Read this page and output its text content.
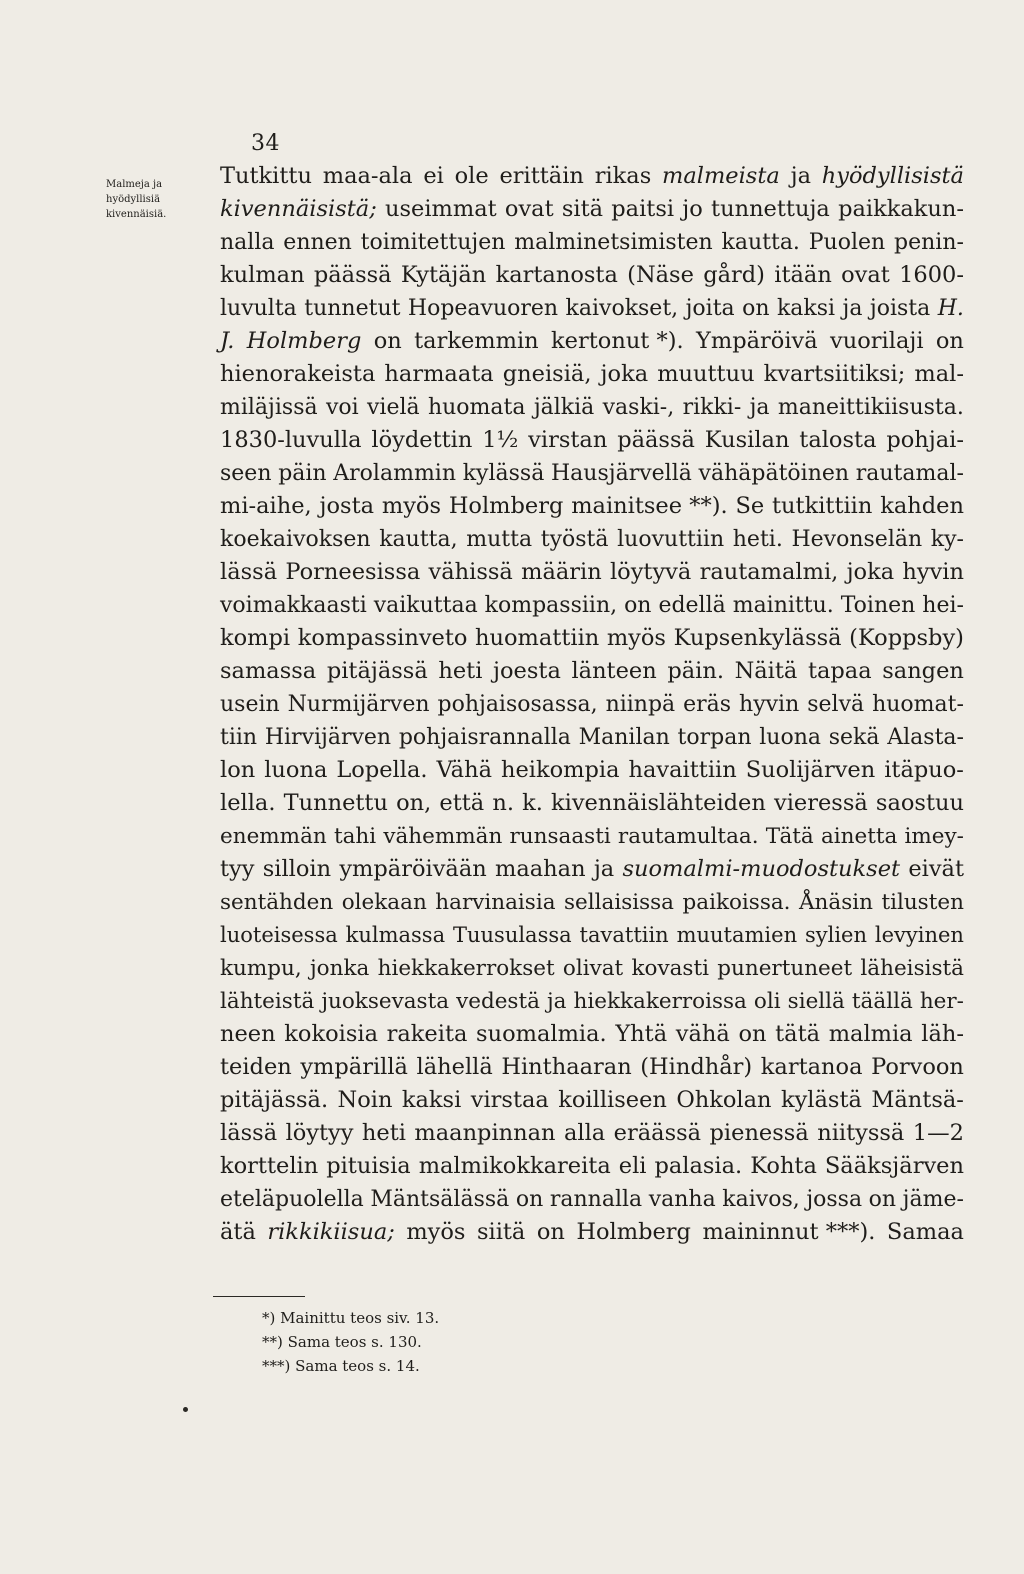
34
Malmeja ja
hyödyllisiä
kivennäisiä.
Tutkittu maa-ala ei ole erittäin rikas malmeista ja hyödyllisistä
kivennäisistä; useimmat ovat sitä paitsi jo tunnettuja paikkakun-
nalla ennen toimitettujen malminetsimisten kautta. Puolen penin-
kulman päässä Kytäjän kartanosta (Näse gård) itään ovat 1600-
luvulta tunnetut Hopeavuoren kaivokset, joita on kaksi ja joista H.
J. Holmberg on tarkemmin kertonut *). Ympäröivä vuorilaji on
hienorakeista harmaata gneisiä, joka muuttuu kvartsiitiksi; mal-
miläjissä voi vielä huomata jälkiä vaski-, rikki- ja maneittikiisusta.
1830-luvulla löydettin 1½ virstan päässä Kusilan talosta pohjai-
seen päin Arolammin kylässä Hausjärvellä vähäpätöinen rautamal-
mi-aihe, josta myös Holmberg mainitsee **). Se tutkittiin kahden
koekaivoksen kautta, mutta työstä luovuttiin heti. Hevonselän ky-
lässä Porneesissa vähissä määrin löytyvä rautamalmi, joka hyvin
voimakkaasti vaikuttaa kompassiin, on edellä mainittu. Toinen hei-
kompi kompassinveto huomattiin myös Kupsenkylässä (Koppsby)
samassa pitäjässä heti joesta länteen päin. Näitä tapaa sangen
usein Nurmijärven pohjaisosassa, niinpä eräs hyvin selvä huomat-
tiin Hirvijärven pohjaisrannalla Manilan torpan luona sekä Alasta-
lon luona Lopella. Vähä heikompia havaittiin Suolijärven itäpuo-
lella. Tunnettu on, että n. k. kivennäislähteiden vieressä saostuu
enemmän tahi vähemmän runsaasti rautamultaa. Tätä ainetta imey-
tyy silloin ympäröivään maahan ja suomalmi-muodostukset eivät
sentähden olekaan harvinaisia sellaisissa paikoissa. Ånäsin tilusten
luoteisessa kulmassa Tuusulassa tavattiin muutamien sylien levyinen
kumpu, jonka hiekkakerrokset olivat kovasti punertuneet läheisistä
lähteistä juoksevasta vedestä ja hiekkakerroissa oli siellä täällä her-
neen kokoisia rakeita suomalmia. Yhtä vähä on tätä malmia läh-
teiden ympärillä lähellä Hinthaaran (Hindhår) kartanoa Porvoon
pitäjässä. Noin kaksi virstaa koilliseen Ohkolan kylästä Mäntsä-
lässä löytyy heti maanpinnan alla eräässä pienessä niityssä 1—2
korttelin pituisia malmikokkareita eli palasia. Kohta Sääksjärven
eteläpuolella Mäntsälässä on rannalla vanha kaivos, jossa on jäme-
ätä rikkikiisua; myös siitä on Holmberg maininnut ***). Samaa
*) Mainittu teos siv. 13.
**) Sama teos s. 130.
***) Sama teos s. 14.
